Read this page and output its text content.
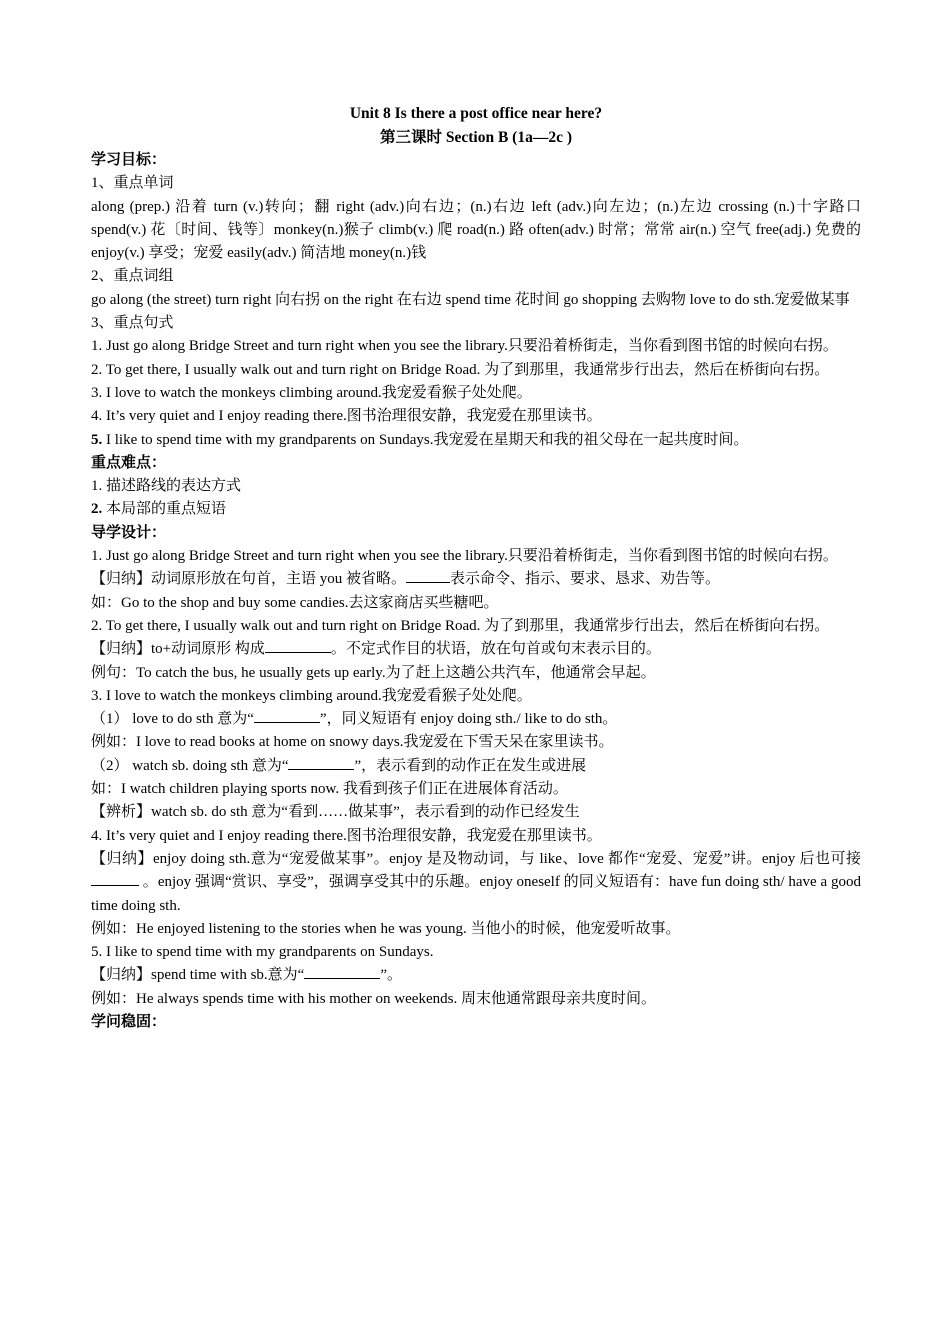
Unit 8 Is there a post office near here?
第三课时 Section B (1a—2c )

学习目标：

1、重点单词

along (prep.) 沿着 turn (v.)转向；翻 right (adv.)向右边；(n.)右边 left (adv.)向左边；(n.)左边 crossing (n.)十字路口 spend(v.) 花〔时间、钱等〕monkey(n.)猴子 climb(v.) 爬 road(n.) 路 often(adv.) 时常；常常 air(n.) 空气 free(adj.) 免费的 enjoy(v.) 享受；宠爱 easily(adv.) 简洁地 money(n.)钱

2、重点词组

go along (the street) turn right 向右拐 on the right 在右边 spend time 花时间 go shopping 去购物 love to do sth.宠爱做某事

3、重点句式

1. Just go along Bridge Street and turn right when you see the library.只要沿着桥街走，当你看到图书馆的时候向右拐。

2. To get there, I usually walk out and turn right on Bridge Road. 为了到那里，我通常步行出去，然后在桥街向右拐。

3. I love to watch the monkeys climbing around.我宠爱看猴子处处爬。

4. It’s very quiet and I enjoy reading there.图书治理很安静，我宠爱在那里读书。

5. I like to spend time with my grandparents on Sundays.我宠爱在星期天和我的祖父母在一起共度时间。

重点难点：

1. 描述路线的表达方式

2. 本局部的重点短语

导学设计：

1. Just go along Bridge Street and turn right when you see the library.只要沿着桥街走，当你看到图书馆的时候向右拐。

【归纳】动词原形放在句首，主语 you 被省略。	表示命令、指示、要求、恳求、劝告等。

如：Go to the shop and buy some candies.去这家商店买些糖吧。

2. To get there, I usually walk out and turn right on Bridge Road. 为了到那里，我通常步行出去，然后在桥街向右拐。

【归纳】to+动词原形 构成	。不定式作目的状语，放在句首或句末表示目的。

例句：To catch the bus, he usually gets up early.为了赶上这趟公共汽车，他通常会早起。

3. I love to watch the monkeys climbing around.我宠爱看猴子处处爬。

（1） love to do sth 意为“	”，同义短语有 enjoy doing sth./ like to do sth。

例如：I love to read books at home on snowy days.我宠爱在下雪天呆在家里读书。

（2） watch sb. doing sth 意为“	”，表示看到的动作正在发生或进展

如：I watch children playing sports now. 我看到孩子们正在进展体育活动。

【辨析】watch sb. do sth 意为“看到……做某事”，表示看到的动作已经发生

4. It’s very quiet and I enjoy reading there.图书治理很安静，我宠爱在那里读书。

【归纳】enjoy doing sth.意为“宠爱做某事”。enjoy 是及物动词，与 like、love 都作“宠爱、宠爱”讲。enjoy 后也可接 。enjoy 强调“赏识、享受”，强调享受其中的乐趣。enjoy oneself 的同义短语有：have fun doing sth/ have a good time doing sth.

例如：He enjoyed listening to the stories when he was young. 当他小的时候，他宠爱听故事。

5. I like to spend time with my grandparents on Sundays.

【归纳】spend time with sb.意为“	”。

例如：He always spends time with his mother on weekends. 周末他通常跟母亲共度时间。

学问稳固：
